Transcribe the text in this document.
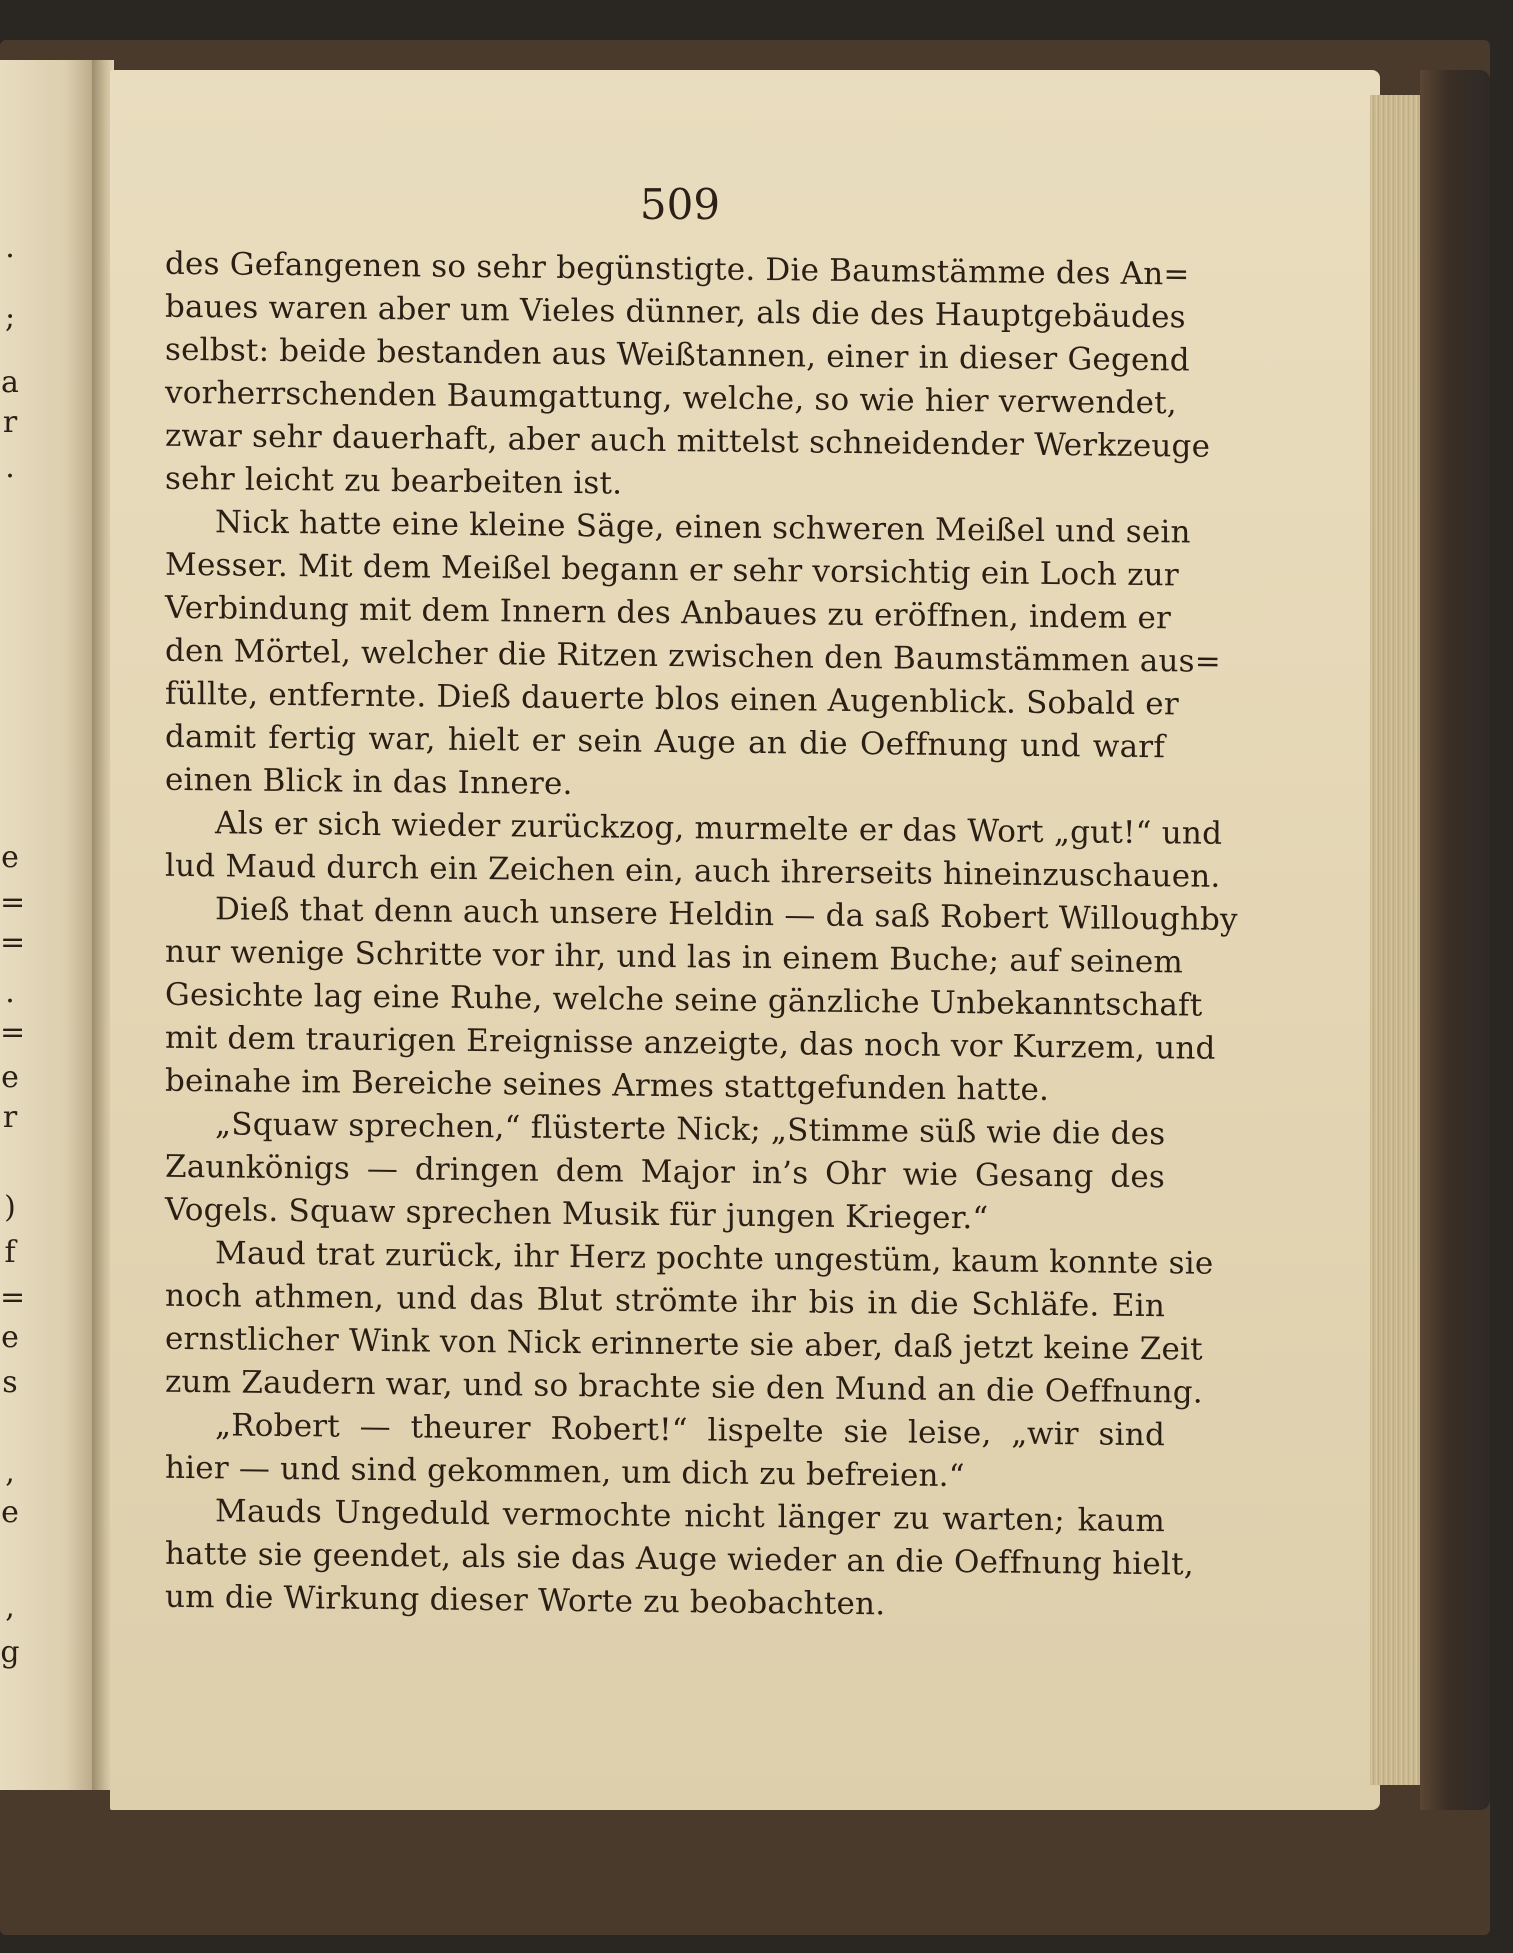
.
;
a
r
.
e
=
=
.
=
e
r
)
f
=
e
s
,
e
,
g
509
des Gefangenen so sehr begünstigte. Die Baumstämme des An=
baues waren aber um Vieles dünner, als die des Hauptgebäudes
selbst: beide bestanden aus Weißtannen, einer in dieser Gegend
vorherrschenden Baumgattung, welche, so wie hier verwendet,
zwar sehr dauerhaft, aber auch mittelst schneidender Werkzeuge
sehr leicht zu bearbeiten ist.
Nick hatte eine kleine Säge, einen schweren Meißel und sein
Messer. Mit dem Meißel begann er sehr vorsichtig ein Loch zur
Verbindung mit dem Innern des Anbaues zu eröffnen, indem er
den Mörtel, welcher die Ritzen zwischen den Baumstämmen aus=
füllte, entfernte. Dieß dauerte blos einen Augenblick. Sobald er
damit fertig war, hielt er sein Auge an die Oeffnung und warf
einen Blick in das Innere.
Als er sich wieder zurückzog, murmelte er das Wort „gut!“ und
lud Maud durch ein Zeichen ein, auch ihrerseits hineinzuschauen.
Dieß that denn auch unsere Heldin — da saß Robert Willoughby
nur wenige Schritte vor ihr, und las in einem Buche; auf seinem
Gesichte lag eine Ruhe, welche seine gänzliche Unbekanntschaft
mit dem traurigen Ereignisse anzeigte, das noch vor Kurzem, und
beinahe im Bereiche seines Armes stattgefunden hatte.
„Squaw sprechen,“ flüsterte Nick; „Stimme süß wie die des
Zaunkönigs — dringen dem Major in’s Ohr wie Gesang des
Vogels. Squaw sprechen Musik für jungen Krieger.“
Maud trat zurück, ihr Herz pochte ungestüm, kaum konnte sie
noch athmen, und das Blut strömte ihr bis in die Schläfe. Ein
ernstlicher Wink von Nick erinnerte sie aber, daß jetzt keine Zeit
zum Zaudern war, und so brachte sie den Mund an die Oeffnung.
„Robert — theurer Robert!“ lispelte sie leise, „wir sind
hier — und sind gekommen, um dich zu befreien.“
Mauds Ungeduld vermochte nicht länger zu warten; kaum
hatte sie geendet, als sie das Auge wieder an die Oeffnung hielt,
um die Wirkung dieser Worte zu beobachten.
